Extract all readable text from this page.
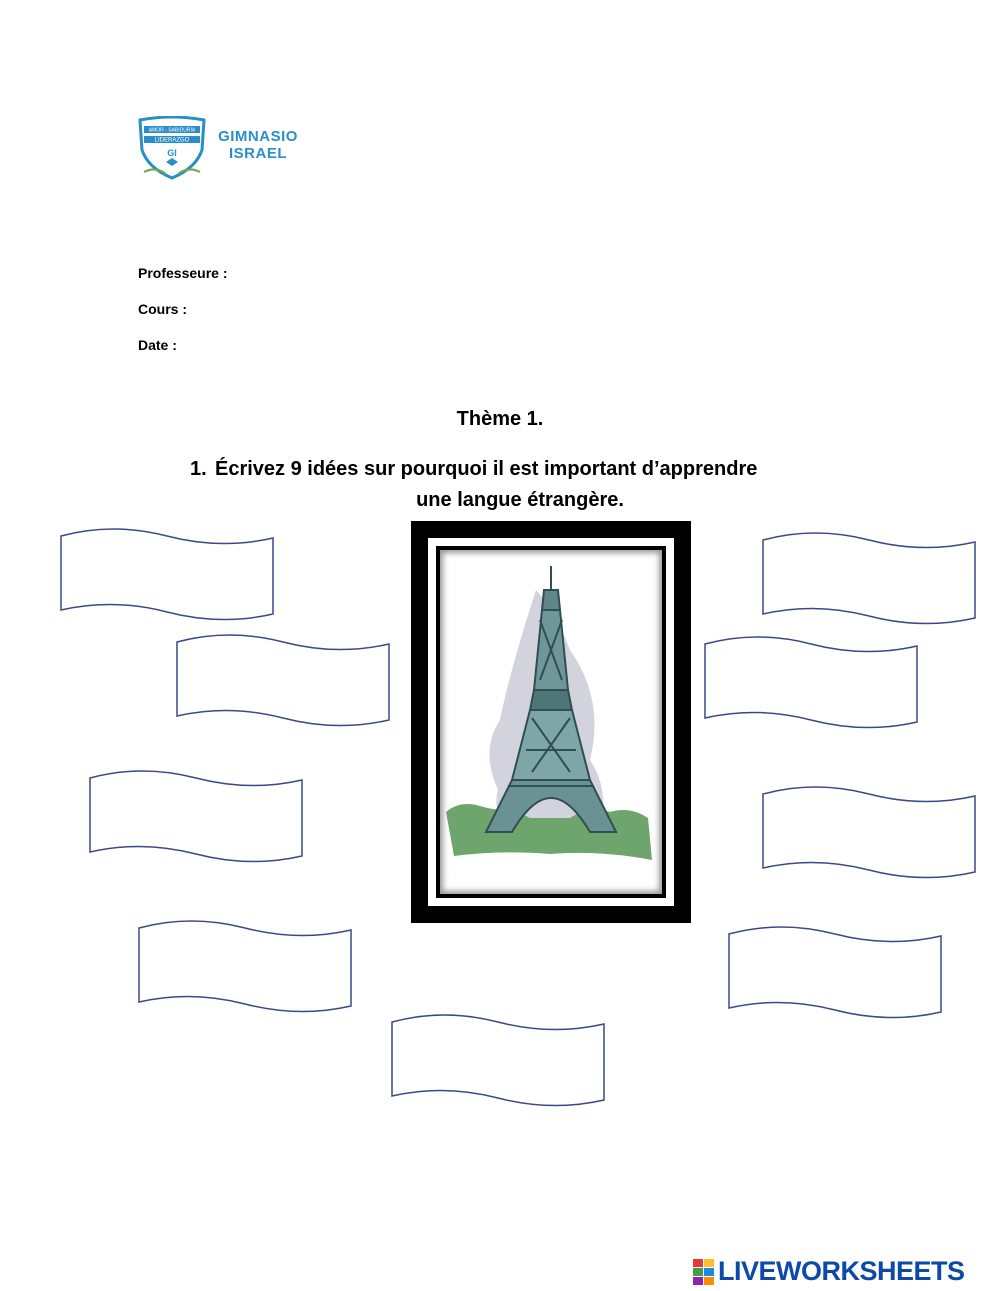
AMOR - SABIDURÍA
LIDERAZGO
GI
GIMNASIO
ISRAEL
Professeure :
Cours :
Date :
Thème 1.
1. Écrivez 9 idées sur pourquoi il est important d’apprendre
une langue étrangère.
LIVEWORKSHEETS
